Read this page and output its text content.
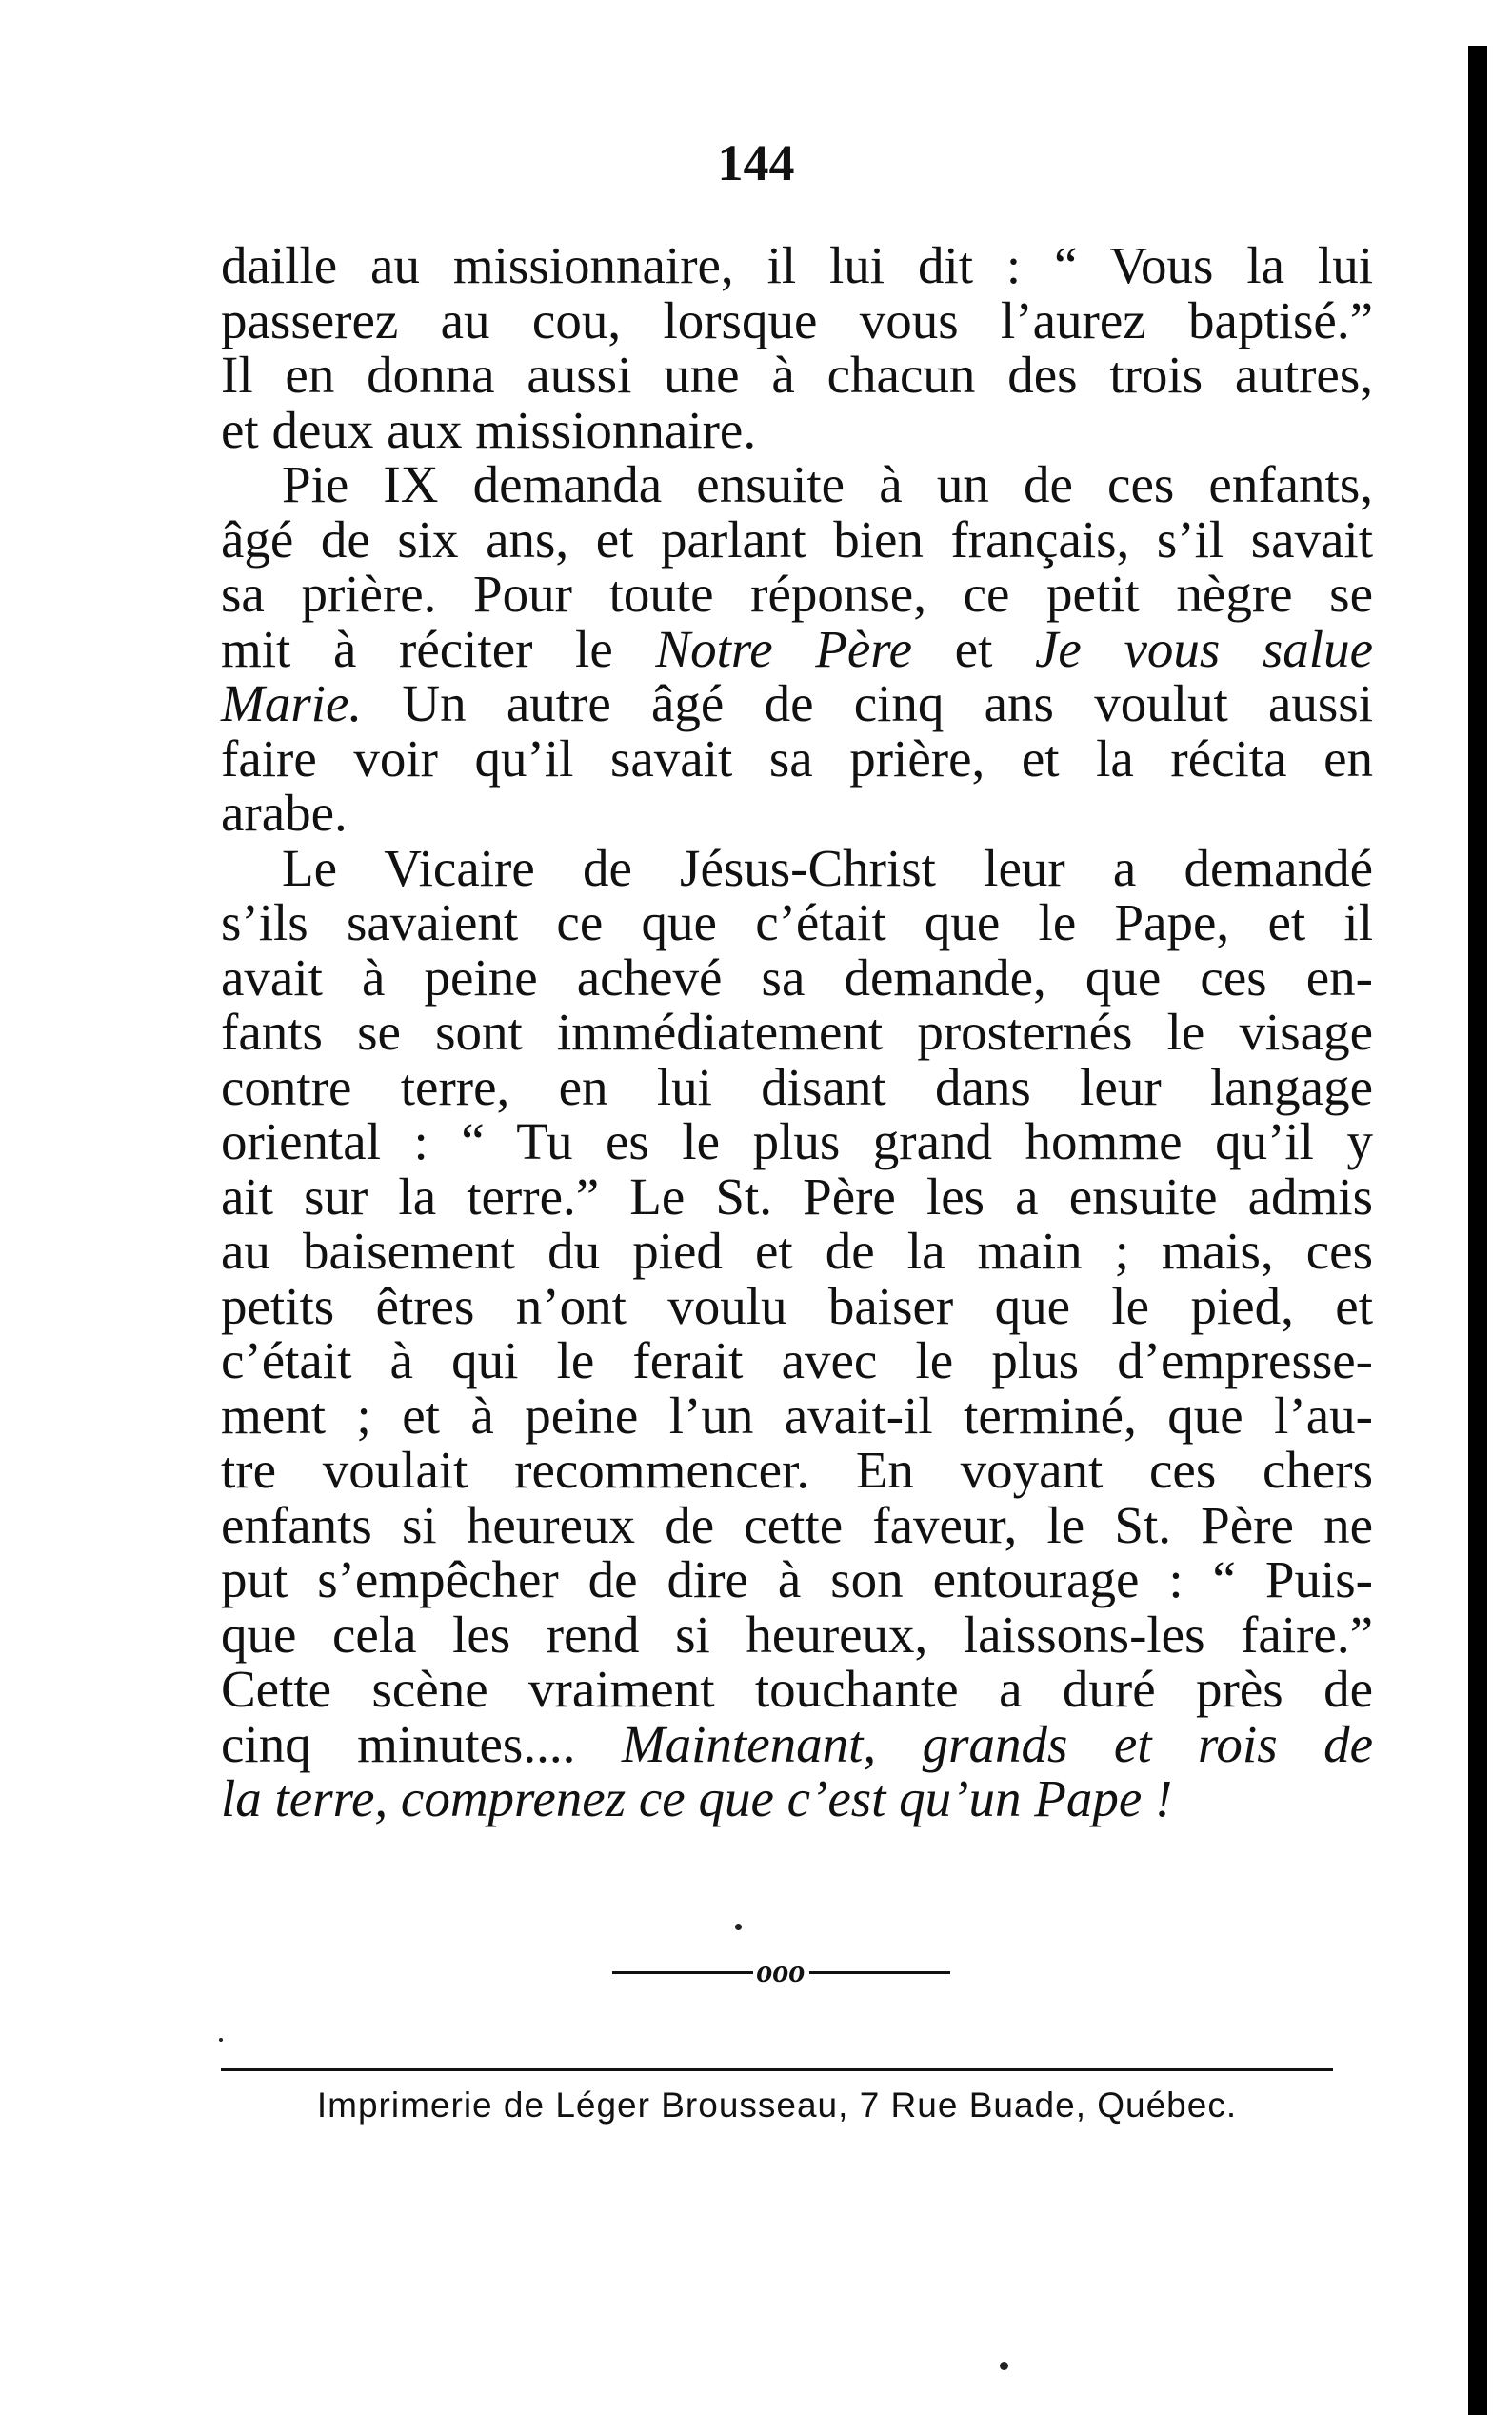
144
daille au missionnaire, il lui dit : “ Vous la lui
passerez au cou, lorsque vous l’aurez baptisé.”
Il en donna aussi une à chacun des trois autres,
et deux aux missionnaire.
Pie IX demanda ensuite à un de ces enfants,
âgé de six ans, et parlant bien français, s’il savait
sa prière. Pour toute réponse, ce petit nègre se
mit à réciter le Notre Père et Je vous salue
Marie. Un autre âgé de cinq ans voulut aussi
faire voir qu’il savait sa prière, et la récita en
arabe.
Le Vicaire de Jésus-Christ leur a demandé
s’ils savaient ce que c’était que le Pape, et il
avait à peine achevé sa demande, que ces en-
fants se sont immédiatement prosternés le visage
contre terre, en lui disant dans leur langage
oriental : “ Tu es le plus grand homme qu’il y
ait sur la terre.” Le St. Père les a ensuite admis
au baisement du pied et de la main ; mais, ces
petits êtres n’ont voulu baiser que le pied, et
c’était à qui le ferait avec le plus d’empresse-
ment ; et à peine l’un avait-il terminé, que l’au-
tre voulait recommencer. En voyant ces chers
enfants si heureux de cette faveur, le St. Père ne
put s’empêcher de dire à son entourage : “ Puis-
que cela les rend si heureux, laissons-les faire.”
Cette scène vraiment touchante a duré près de
cinq minutes.... Maintenant, grands et rois de
la terre, comprenez ce que c’est qu’un Pape !
ooo
Imprimerie de Léger Brousseau, 7 Rue Buade, Québec.
